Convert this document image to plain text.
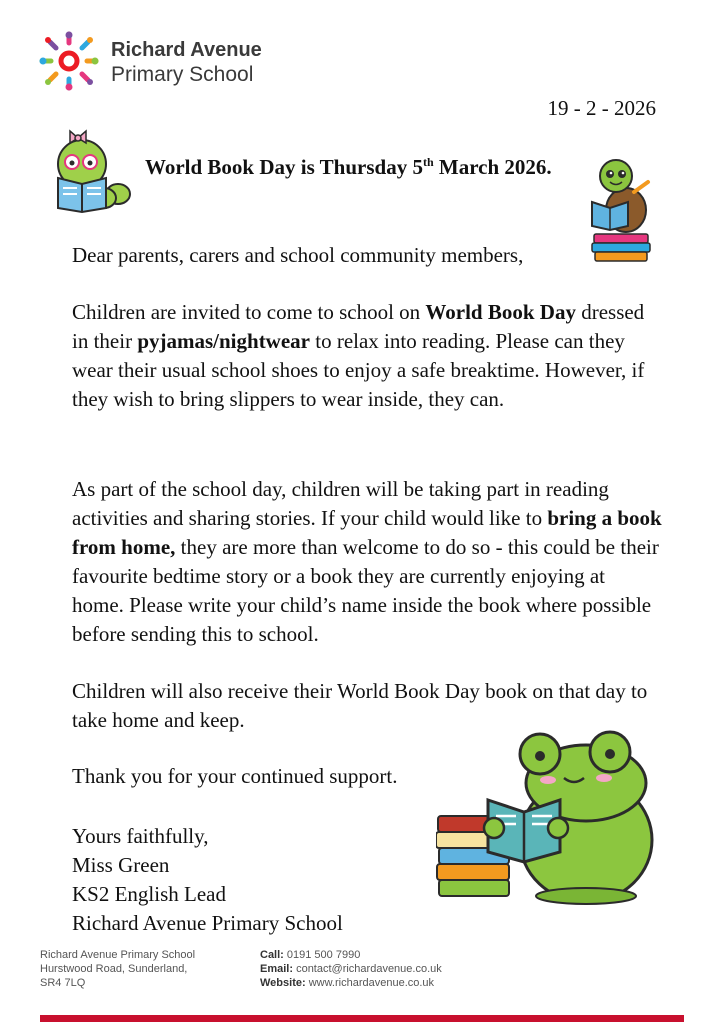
Richard Avenue
Primary School
19 - 2 - 2026
World Book Day is Thursday 5th March 2026.
Dear parents, carers and school community members,
Children are invited to come to school on World Book Day dressed in their pyjamas/nightwear to relax into reading. Please can they wear their usual school shoes to enjoy a safe breaktime. However, if they wish to bring slippers to wear inside, they can.
As part of the school day, children will be taking part in reading activities and sharing stories. If your child would like to bring a book from home, they are more than welcome to do so - this could be their favourite bedtime story or a book they are currently enjoying at home. Please write your child’s name inside the book where possible before sending this to school.
Children will also receive their World Book Day book on that day to take home and keep.
Thank you for your continued support.
Yours faithfully,
Miss Green
KS2 English Lead
Richard Avenue Primary School
Richard Avenue Primary School Hurstwood Road, Sunderland, SR4 7LQ
Call: 0191 500 7990
Email: contact@richardavenue.co.uk
Website: www.richardavenue.co.uk
